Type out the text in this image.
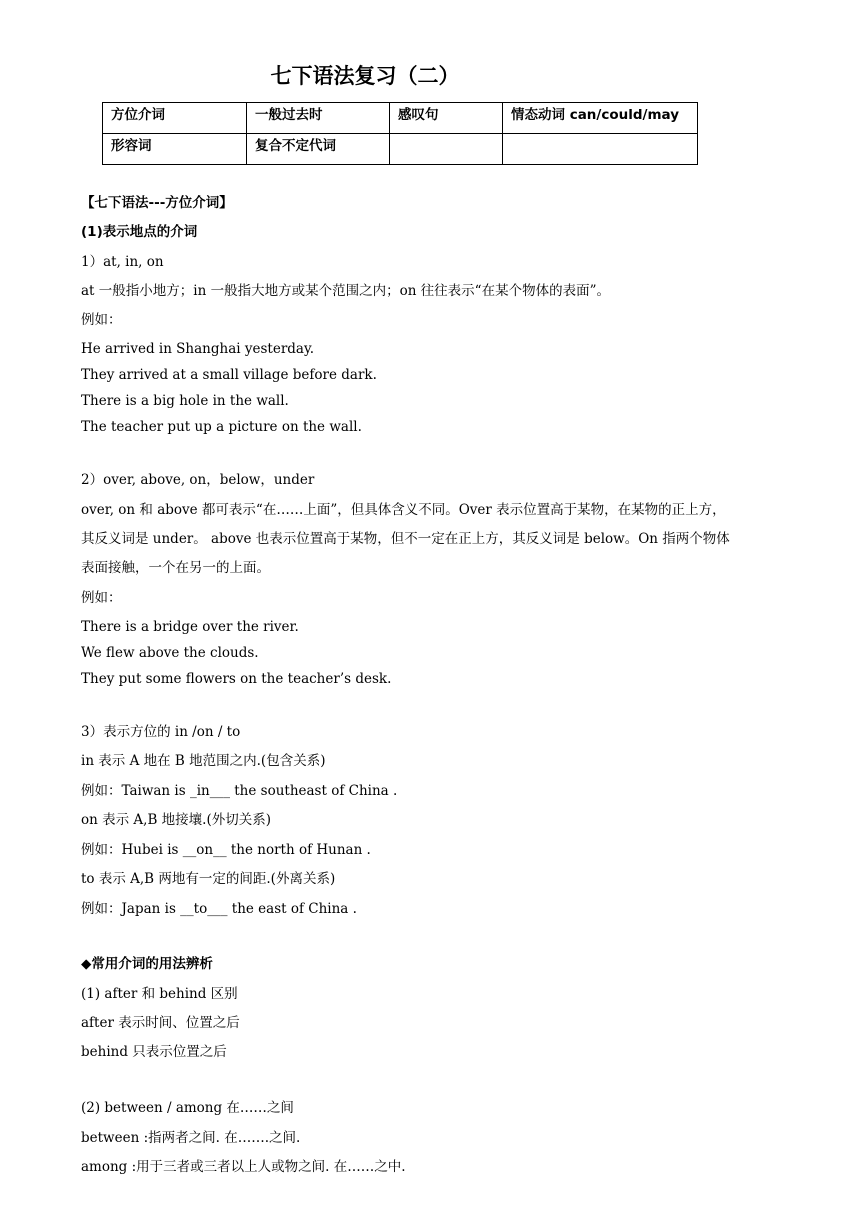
七下语法复习（二）
方位介词	一般过去时	感叹句	情态动词 can/could/may
形容词	复合不定代词		
【七下语法---方位介词】
(1)表示地点的介词
1）at, in, on
at 一般指小地方；in 一般指大地方或某个范围之内；on 往往表示“在某个物体的表面”。
例如：
He arrived in Shanghai yesterday.
They arrived at a small village before dark.
There is a big hole in the wall.
The teacher put up a picture on the wall.
2）over, above, on，below，under
over, on 和 above 都可表示“在……上面”，但具体含义不同。Over 表示位置高于某物，在某物的正上方，
其反义词是 under。 above 也表示位置高于某物，但不一定在正上方，其反义词是 below。On 指两个物体
表面接触，一个在另一的上面。
例如：
There is a bridge over the river.
We flew above the clouds.
They put some flowers on the teacher’s desk.
3）表示方位的 in /on / to
in 表示 A 地在 B 地范围之内.(包含关系)
例如：Taiwan is _in___ the southeast of China .
on 表示 A,B 地接壤.(外切关系)
例如：Hubei is __on__ the north of Hunan .
to 表示 A,B 两地有一定的间距.(外离关系)
例如：Japan is __to___ the east of China .
◆常用介词的用法辨析
(1) after 和 behind 区别
after 表示时间、位置之后
behind 只表示位置之后
(2) between / among 在……之间
between :指两者之间. 在…….之间.
among :用于三者或三者以上人或物之间. 在……之中.
